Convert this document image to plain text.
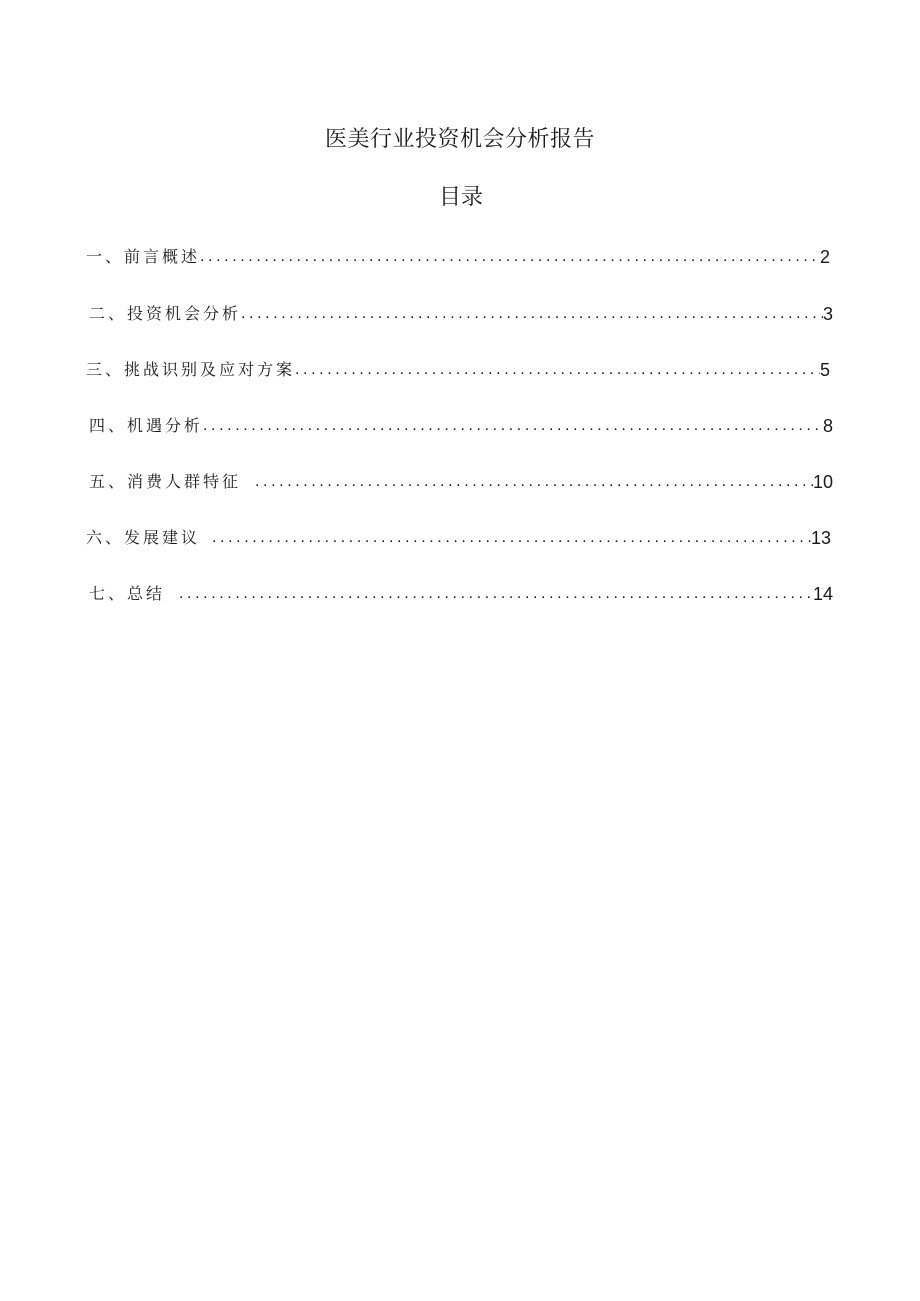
医美行业投资机会分析报告
目录
一、前言概述 .....	2
二、投资机会分析 .....	3
三、挑战识别及应对方案 .....	5
四、机遇分析 .....	8
五、消费人群特征 .....	10
六、发展建议 .....	13
七、总结 .....	14
